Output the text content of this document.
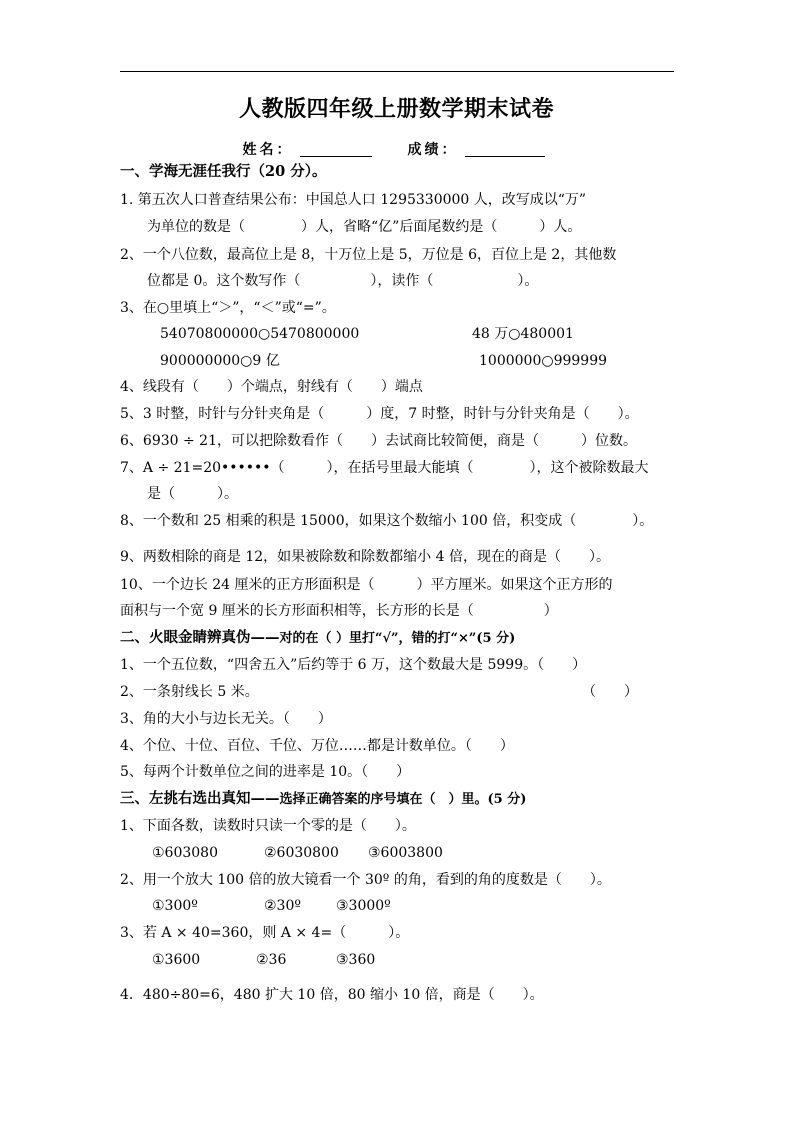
人教版四年级上册数学期末试卷
姓名：	成绩：
一、学海无涯任我行（20 分）。
1. 第五次人口普查结果公布：中国总人口 1295330000 人，改写成以“万”
为单位的数是（　　　　）人，省略“亿”后面尾数约是（　　　）人。
2、一个八位数，最高位上是 8，十万位上是 5，万位是 6，百位上是 2，其他数
位都是 0。这个数写作（　　　　　），读作（　　　　　　）。
3、在○里填上“＞”，“＜”或“=”。
54070800000○5470800000	48 万○480001
900000000○9 亿	1000000○999999
4、线段有（　　）个端点，射线有（　　）端点
5、3 时整，时针与分针夹角是（　　　）度，7 时整，时针与分针夹角是（　　）。
6、6930 ÷ 21，可以把除数看作（　　）去试商比较简便，商是（　　　）位数。
7、A ÷ 21=20••••••（　　　），在括号里最大能填（　　　　），这个被除数最大
是（　　　）。
8、一个数和 25 相乘的积是 15000，如果这个数缩小 100 倍，积变成（　　　　）。
9、两数相除的商是 12，如果被除数和除数都缩小 4 倍，现在的商是（　　）。
10、一个边长 24 厘米的正方形面积是（　　　）平方厘米。如果这个正方形的
面积与一个宽 9 厘米的长方形面积相等，长方形的长是（　　　　　）
二、火眼金睛辨真伪——对的在（ ）里打“√”，错的打“×”(5 分)
1、一个五位数，“四舍五入”后约等于 6 万，这个数最大是 5999。（　　）
2、一条射线长 5 米。	（　　）
3、角的大小与边长无关。（　　）
4、个位、十位、百位、千位、万位……都是计数单位。（　　）
5、每两个计数单位之间的进率是 10。（　　）
三、左挑右选出真知——选择正确答案的序号填在（　）里。(5 分)
1、下面各数，读数时只读一个零的是（　　）。
①603080	②6030800 ③6003800
2、用一个放大 100 倍的放大镜看一个 30º 的角，看到的角的度数是（　　）。
①300º	②30º	③3000º
3、若 A × 40=360，则 A × 4=（　　　）。
①3600	②36	③360
4．480÷80=6，480 扩大 10 倍，80 缩小 10 倍，商是（　　）。
